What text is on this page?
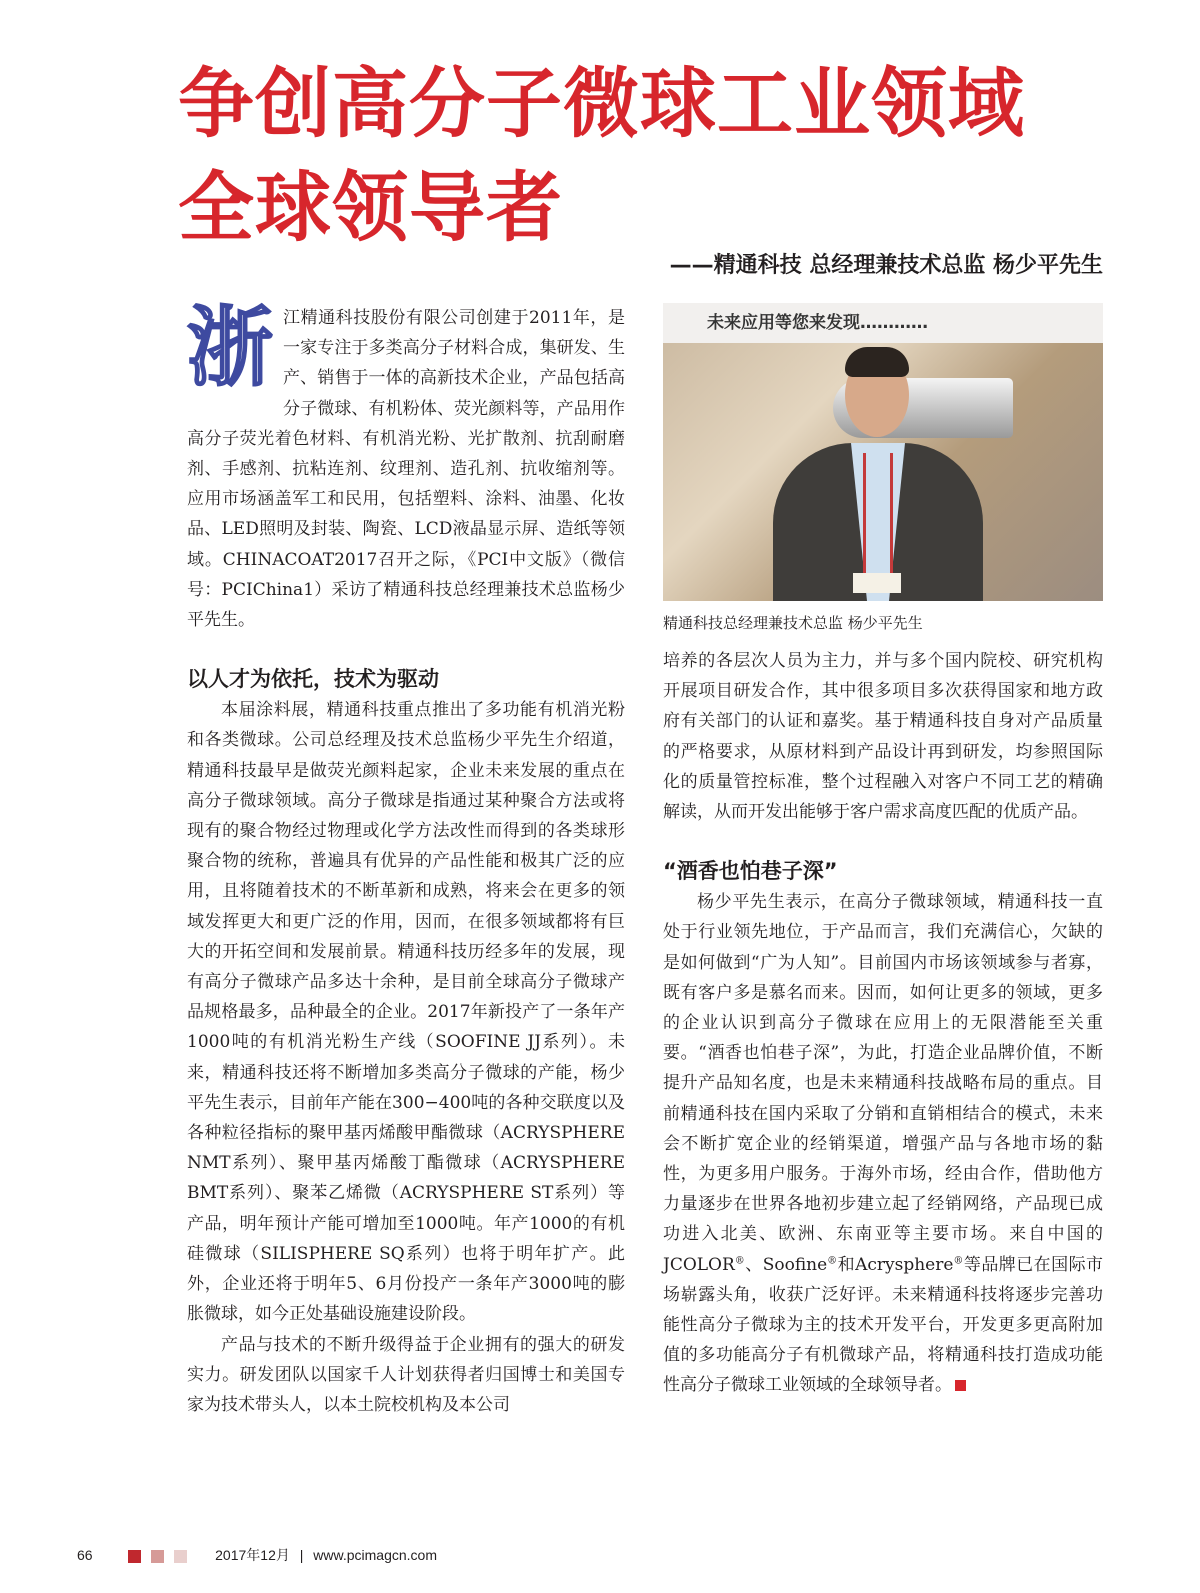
争创高分子微球工业领域
全球领导者
——精通科技 总经理兼技术总监 杨少平先生

浙江精通科技股份有限公司创建于2011年，是一家专注于多类高分子材料合成，集研发、生产、销售于一体的高新技术企业，产品包括高分子微球、有机粉体、荧光颜料等，产品用作高分子荧光着色材料、有机消光粉、光扩散剂、抗刮耐磨剂、手感剂、抗粘连剂、纹理剂、造孔剂、抗收缩剂等。应用市场涵盖军工和民用，包括塑料、涂料、油墨、化妆品、LED照明及封装、陶瓷、LCD液晶显示屏、造纸等领域。CHINACOAT2017召开之际，《PCI中文版》（微信号：PCIChina1）采访了精通科技总经理兼技术总监杨少平先生。

以人才为依托，技术为驱动

本届涂料展，精通科技重点推出了多功能有机消光粉和各类微球。公司总经理及技术总监杨少平先生介绍道，精通科技最早是做荧光颜料起家，企业未来发展的重点在高分子微球领域。高分子微球是指通过某种聚合方法或将现有的聚合物经过物理或化学方法改性而得到的各类球形聚合物的统称，普遍具有优异的产品性能和极其广泛的应用，且将随着技术的不断革新和成熟，将来会在更多的领域发挥更大和更广泛的作用，因而，在很多领域都将有巨大的开拓空间和发展前景。精通科技历经多年的发展，现有高分子微球产品多达十余种，是目前全球高分子微球产品规格最多，品种最全的企业。2017年新投产了一条年产1000吨的有机消光粉生产线（SOOFINE JJ系列）。未来，精通科技还将不断增加多类高分子微球的产能，杨少平先生表示，目前年产能在300−400吨的各种交联度以及各种粒径指标的聚甲基丙烯酸甲酯微球（ACRYSPHERE NMT系列）、聚甲基丙烯酸丁酯微球（ACRYSPHERE BMT系列）、聚苯乙烯微（ACRYSPHERE ST系列）等产品，明年预计产能可增加至1000吨。年产1000的有机硅微球（SILISPHERE SQ系列）也将于明年扩产。此外，企业还将于明年5、6月份投产一条年产3000吨的膨胀微球，如今正处基础设施建设阶段。

产品与技术的不断升级得益于企业拥有的强大的研发实力。研发团队以国家千人计划获得者归国博士和美国专家为技术带头人，以本土院校机构及本公司

未来应用等您来发现…………
精通科技总经理兼技术总监 杨少平先生

培养的各层次人员为主力，并与多个国内院校、研究机构开展项目研发合作，其中很多项目多次获得国家和地方政府有关部门的认证和嘉奖。基于精通科技自身对产品质量的严格要求，从原材料到产品设计再到研发，均参照国际化的质量管控标准，整个过程融入对客户不同工艺的精确解读，从而开发出能够于客户需求高度匹配的优质产品。

“酒香也怕巷子深”

杨少平先生表示，在高分子微球领域，精通科技一直处于行业领先地位，于产品而言，我们充满信心，欠缺的是如何做到“广为人知”。目前国内市场该领域参与者寡，既有客户多是慕名而来。因而，如何让更多的领域，更多的企业认识到高分子微球在应用上的无限潜能至关重要。“酒香也怕巷子深”，为此，打造企业品牌价值，不断提升产品知名度，也是未来精通科技战略布局的重点。目前精通科技在国内采取了分销和直销相结合的模式，未来会不断扩宽企业的经销渠道，增强产品与各地市场的黏性，为更多用户服务。于海外市场，经由合作，借助他方力量逐步在世界各地初步建立起了经销网络，产品现已成功进入北美、欧洲、东南亚等主要市场。来自中国的JCOLOR®、Soofine®和Acrysphere®等品牌已在国际市场崭露头角，收获广泛好评。未来精通科技将逐步完善功能性高分子微球为主的技术开发平台，开发更多更高附加值的多功能高分子有机微球产品，将精通科技打造成功能性高分子微球工业领域的全球领导者。

66	2017年12月 | www.pcimagcn.com
